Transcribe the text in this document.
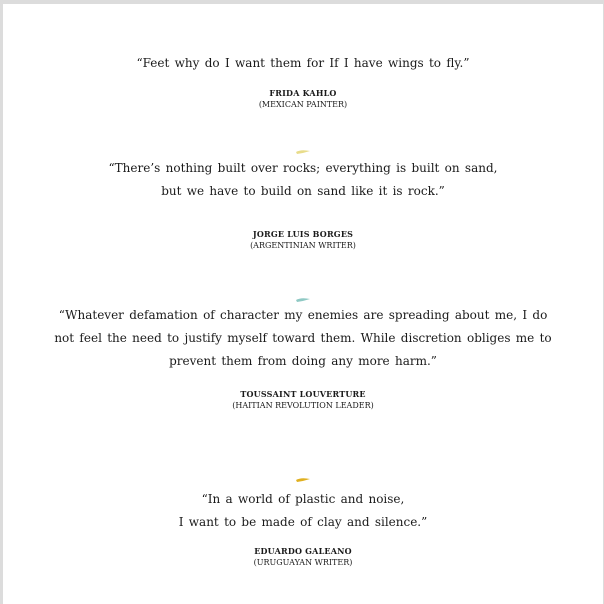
“Feet why do I want them for If I have wings to fly.”

FRIDA KAHLO

(MEXICAN PAINTER)

“There’s nothing built over rocks; everything is built on sand,
but we have to build on sand like it is rock.”

JORGE LUIS BORGES

(ARGENTINIAN WRITER)

“Whatever defamation of character my enemies are spreading about me, I do
not feel the need to justify myself toward them. While discretion obliges me to
prevent them from doing any more harm.”

TOUSSAINT LOUVERTURE

(HAITIAN REVOLUTION LEADER)

“In a world of plastic and noise,
I want to be made of clay and silence.”

EDUARDO GALEANO

(URUGUAYAN WRITER)
